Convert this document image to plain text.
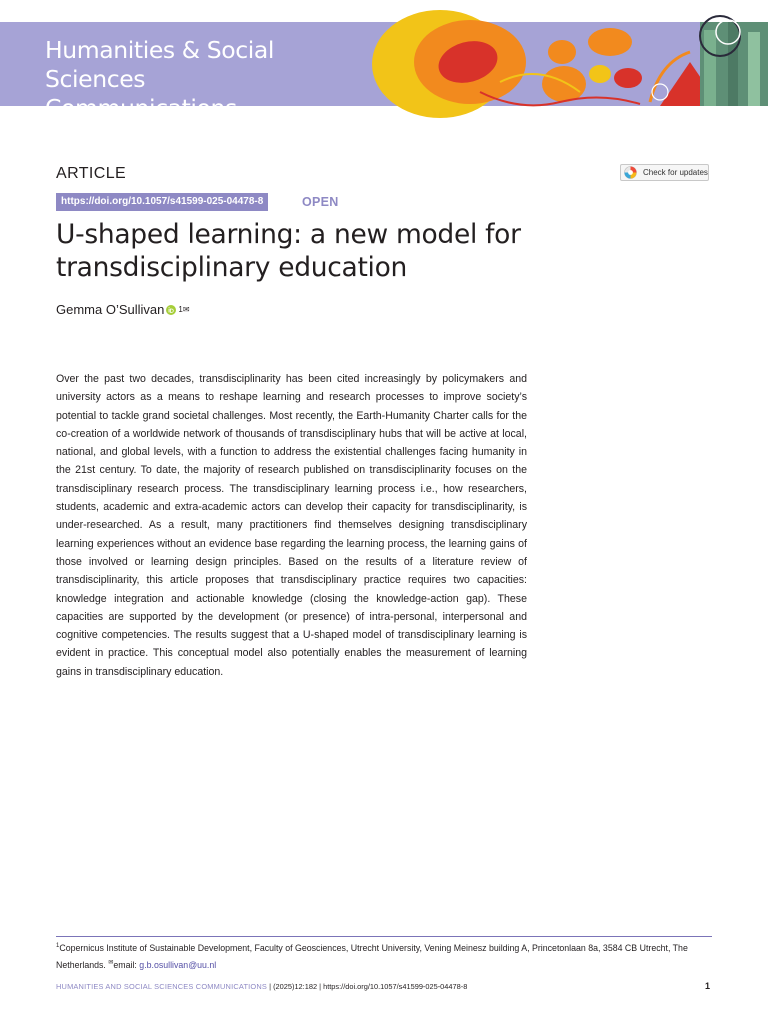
Humanities & Social Sciences
Communications
ARTICLE	Check for updates
https://doi.org/10.1057/s41599-025-04478-8	OPEN
U-shaped learning: a new model for transdisciplinary education
Gemma O’Sullivan 1✉

Over the past two decades, transdisciplinarity has been cited increasingly by policymakers and university actors as a means to reshape learning and research processes to improve society’s potential to tackle grand societal challenges. Most recently, the Earth-Humanity Charter calls for the co-creation of a worldwide network of thousands of transdisciplinary hubs that will be active at local, national, and global levels, with a function to address the existential challenges facing humanity in the 21st century. To date, the majority of research published on transdisciplinarity focuses on the transdisciplinary research process. The transdisciplinary learning process i.e., how researchers, students, academic and extra-academic actors can develop their capacity for transdisciplinarity, is under-researched. As a result, many practitioners find themselves designing transdisciplinary learning experiences without an evidence base regarding the learning process, the learning gains of those involved or learning design principles. Based on the results of a literature review of transdisciplinarity, this article proposes that transdisciplinary practice requires two capacities: knowledge integration and actionable knowledge (closing the knowledge-action gap). These capacities are supported by the development (or presence) of intra-personal, interpersonal and cognitive competencies. The results suggest that a U-shaped model of transdisciplinary learning is evident in practice. This conceptual model also potentially enables the measurement of learning gains in transdisciplinary education.

$^1$Copernicus Institute of Sustainable Development, Faculty of Geosciences, Utrecht University, Vening Meinesz building A, Princetonlaan 8a, 3584 CB Utrecht, The Netherlands. ✉email: g.b.osullivan@uu.nl
HUMANITIES AND SOCIAL SCIENCES COMMUNICATIONS | (2025)12:182 | https://doi.org/10.1057/s41599-025-04478-8	1
